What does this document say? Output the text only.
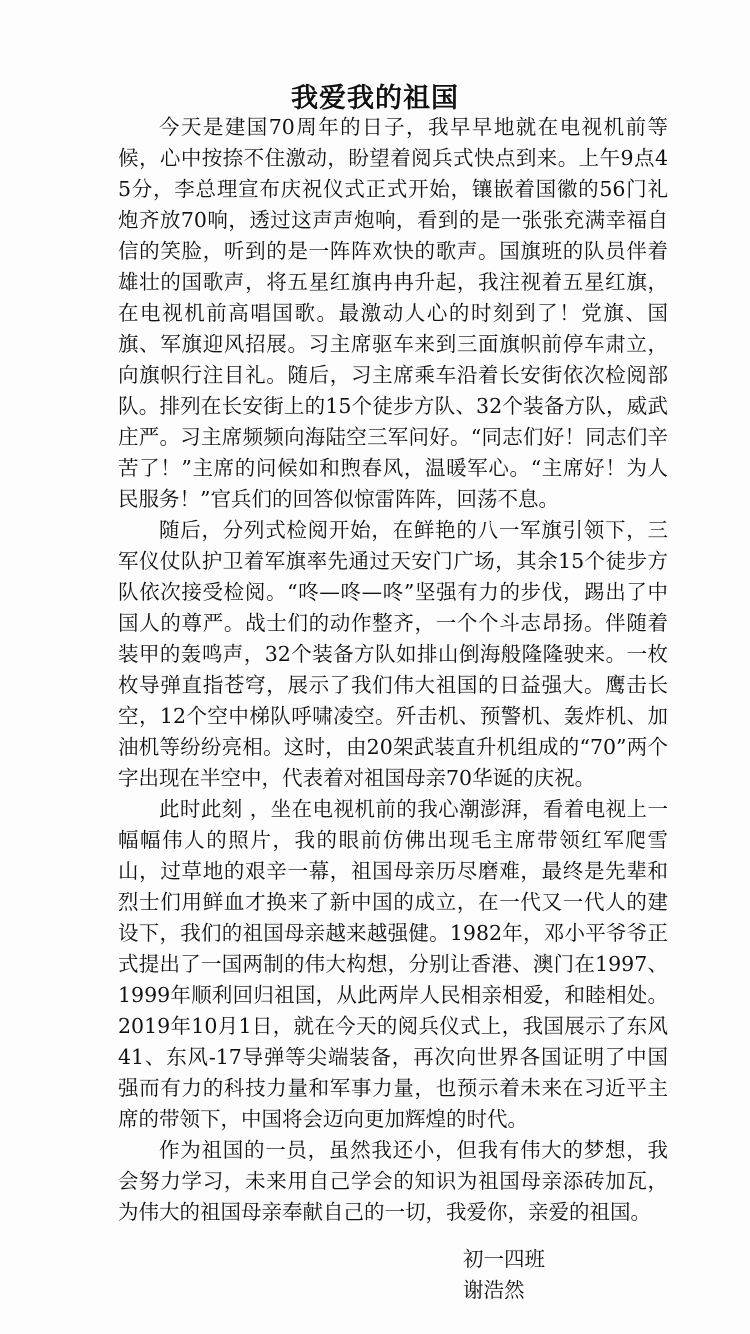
我爱我的祖国

今天是建国70周年的日子，我早早地就在电视机前等候，心中按捺不住激动，盼望着阅兵式快点到来。上午9点45分，李总理宣布庆祝仪式正式开始，镶嵌着国徽的56门礼炮齐放70响，透过这声声炮响，看到的是一张张充满幸福自信的笑脸，听到的是一阵阵欢快的歌声。国旗班的队员伴着雄壮的国歌声，将五星红旗冉冉升起，我注视着五星红旗，在电视机前高唱国歌。最激动人心的时刻到了！党旗、国旗、军旗迎风招展。习主席驱车来到三面旗帜前停车肃立，向旗帜行注目礼。随后，习主席乘车沿着长安街依次检阅部队。排列在长安街上的15个徒步方队、32个装备方队，威武庄严。习主席频频向海陆空三军问好。“同志们好！同志们辛苦了！”主席的问候如和煦春风，温暖军心。“主席好！为人民服务！”官兵们的回答似惊雷阵阵，回荡不息。

随后，分列式检阅开始，在鲜艳的八一军旗引领下，三军仪仗队护卫着军旗率先通过天安门广场，其余15个徒步方队依次接受检阅。“咚—咚—咚”坚强有力的步伐，踢出了中国人的尊严。战士们的动作整齐，一个个斗志昂扬。伴随着装甲的轰鸣声，32个装备方队如排山倒海般隆隆驶来。一枚枚导弹直指苍穹，展示了我们伟大祖国的日益强大。鹰击长空，12个空中梯队呼啸凌空。歼击机、预警机、轰炸机、加油机等纷纷亮相。这时，由20架武装直升机组成的“70”两个字出现在半空中，代表着对祖国母亲70华诞的庆祝。

此时此刻 ，坐在电视机前的我心潮澎湃，看着电视上一幅幅伟人的照片，我的眼前仿佛出现毛主席带领红军爬雪山，过草地的艰辛一幕，祖国母亲历尽磨难，最终是先辈和烈士们用鲜血才换来了新中国的成立，在一代又一代人的建设下，我们的祖国母亲越来越强健。1982年，邓小平爷爷正式提出了一国两制的伟大构想，分别让香港、澳门在1997、1999年顺利回归祖国，从此两岸人民相亲相爱，和睦相处。2019年10月1日，就在今天的阅兵仪式上，我国展示了东风41、东风-17导弹等尖端装备，再次向世界各国证明了中国强而有力的科技力量和军事力量，也预示着未来在习近平主席的带领下，中国将会迈向更加辉煌的时代。

作为祖国的一员，虽然我还小，但我有伟大的梦想，我会努力学习，未来用自己学会的知识为祖国母亲添砖加瓦，为伟大的祖国母亲奉献自己的一切，我爱你，亲爱的祖国。

初一四班
谢浩然
